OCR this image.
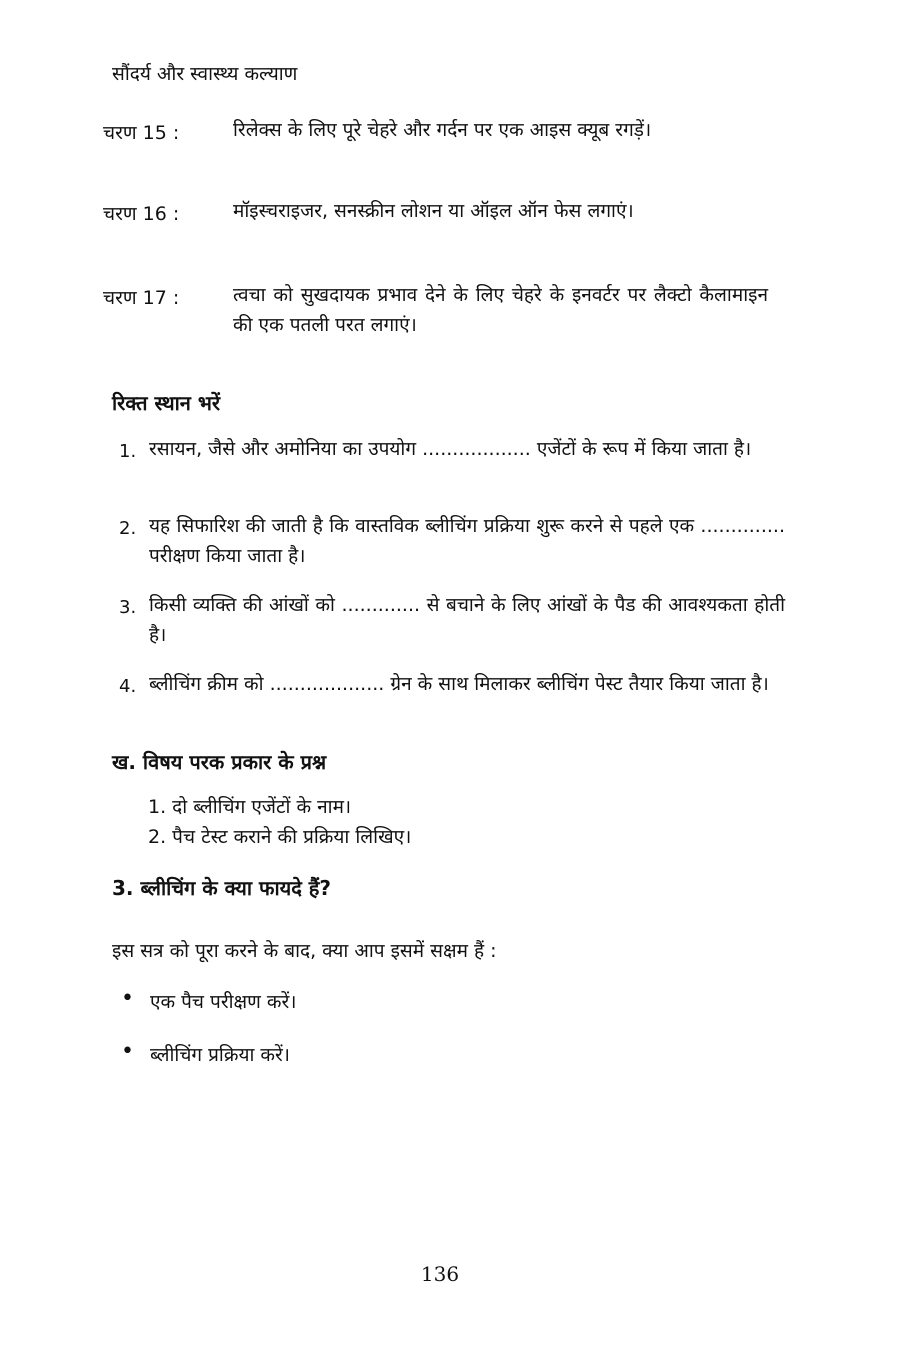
सौंदर्य और स्वास्थ्य कल्याण
चरण 15 :	रिलेक्स के लिए पूरे चेहरे और गर्दन पर एक आइस क्यूब रगड़ें।
चरण 16 :	मॉइस्चराइजर, सनस्क्रीन लोशन या ऑइल ऑन फेस लगाएं।
चरण 17 :	त्वचा को सुखदायक प्रभाव देने के लिए चेहरे के इनवर्टर पर लैक्टो कैलामाइन की एक पतली परत लगाएं।
रिक्त स्थान भरें
1. रसायन, जैसे और अमोनिया का उपयोग .................. एजेंटों के रूप में किया जाता है।
2. यह सिफारिश की जाती है कि वास्तविक ब्लीचिंग प्रक्रिया शुरू करने से पहले एक .............. परीक्षण किया जाता है।
3. किसी व्यक्ति की आंखों को ............. से बचाने के लिए आंखों के पैड की आवश्यकता होती है।
4. ब्लीचिंग क्रीम को ................... ग्रेन के साथ मिलाकर ब्लीचिंग पेस्ट तैयार किया जाता है।
ख. विषय परक प्रकार के प्रश्न
1. दो ब्लीचिंग एजेंटों के नाम।
2. पैच टेस्ट कराने की प्रक्रिया लिखिए।
3. ब्लीचिंग के क्या फायदे हैं?
इस सत्र को पूरा करने के बाद, क्या आप इसमें सक्षम हैं :
• एक पैच परीक्षण करें।
• ब्लीचिंग प्रक्रिया करें।
136
